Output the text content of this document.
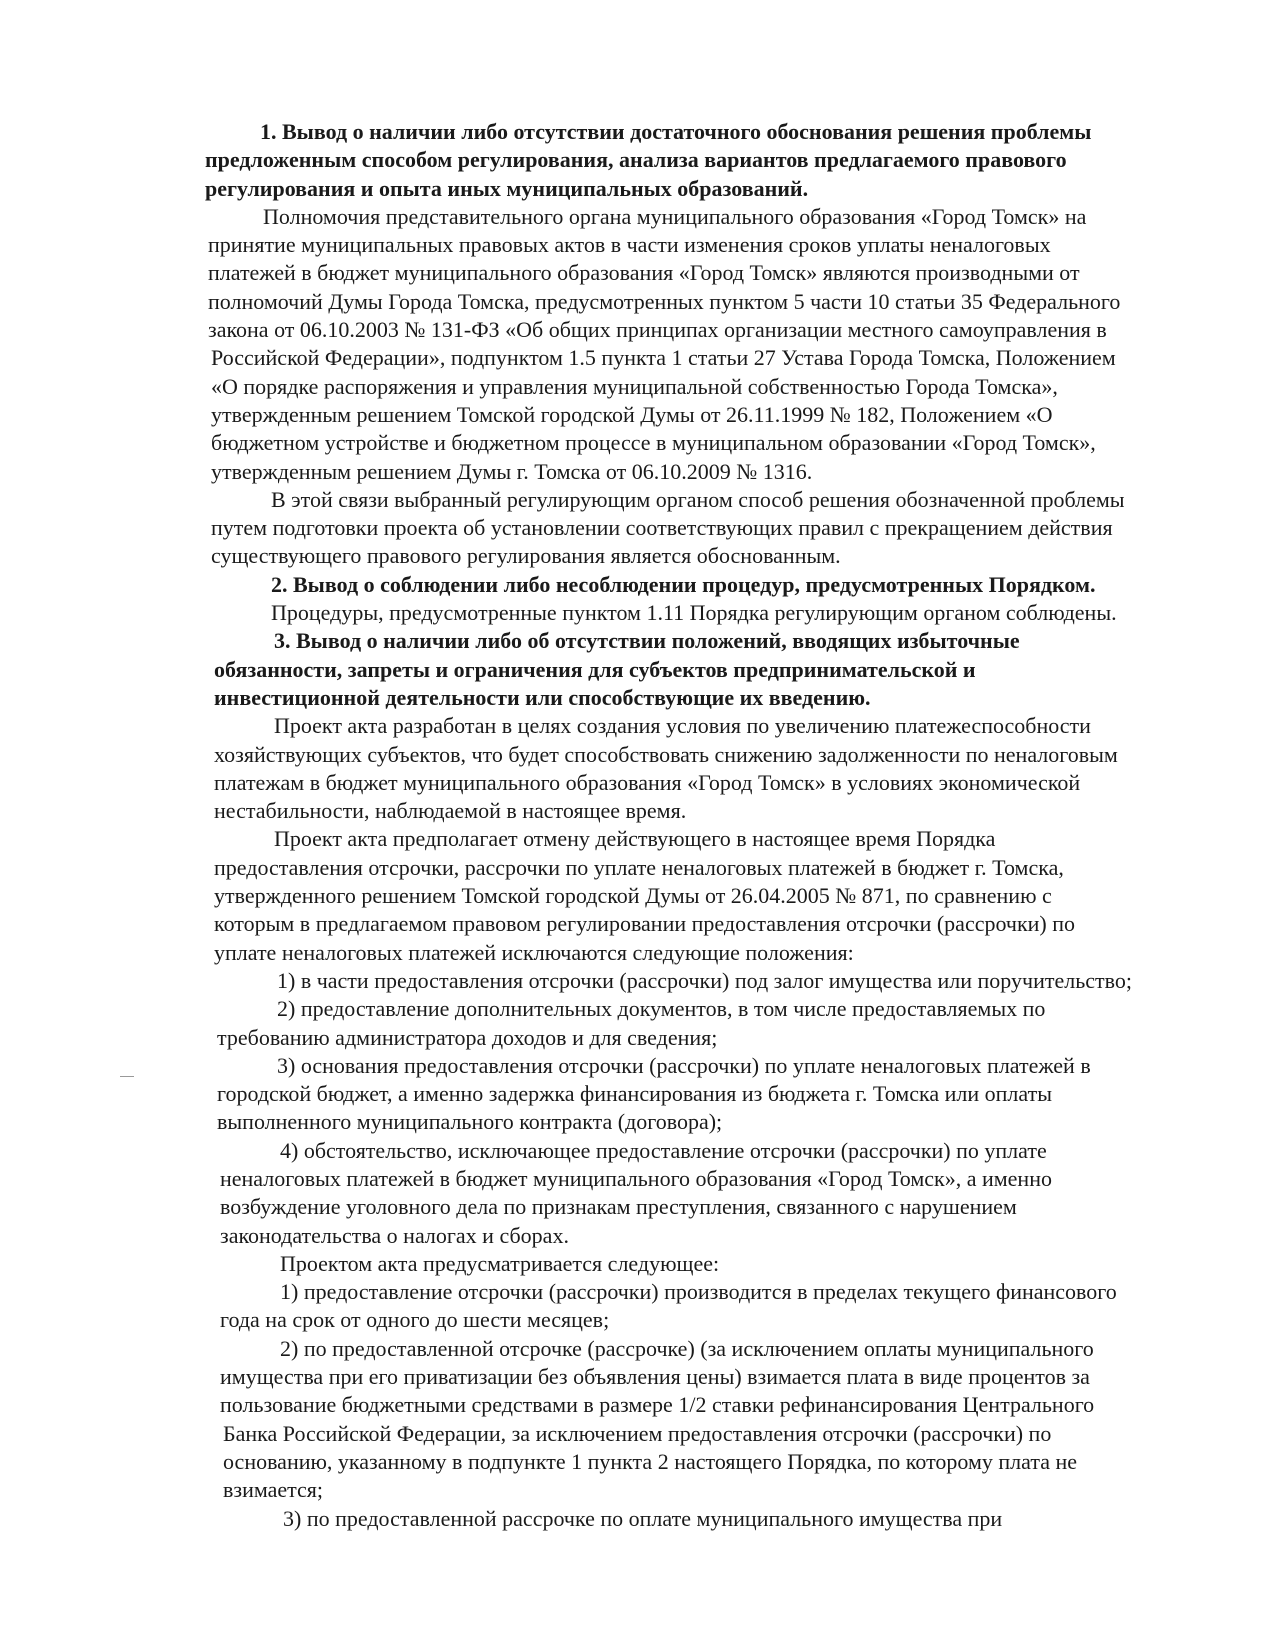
1. Вывод о наличии либо отсутствии достаточного обоснования решения проблемы
предложенным способом регулирования, анализа вариантов предлагаемого правового
регулирования и опыта иных муниципальных образований.
Полномочия представительного органа муниципального образования «Город Томск» на
принятие муниципальных правовых актов в части изменения сроков уплаты неналоговых
платежей в бюджет муниципального образования «Город Томск» являются производными от
полномочий Думы Города Томска, предусмотренных пунктом 5 части 10 статьи 35 Федерального
закона от 06.10.2003 № 131-ФЗ «Об общих принципах организации местного самоуправления в
Российской Федерации», подпунктом 1.5 пункта 1 статьи 27 Устава Города Томска, Положением
«О порядке распоряжения и управления муниципальной собственностью Города Томска»,
утвержденным решением Томской городской Думы от 26.11.1999 № 182, Положением «О
бюджетном устройстве и бюджетном процессе в муниципальном образовании «Город Томск»,
утвержденным решением Думы г. Томска от 06.10.2009 № 1316.
В этой связи выбранный регулирующим органом способ решения обозначенной проблемы
путем подготовки проекта об установлении соответствующих правил с прекращением действия
существующего правового регулирования является обоснованным.
2. Вывод о соблюдении либо несоблюдении процедур, предусмотренных Порядком.
Процедуры, предусмотренные пунктом 1.11 Порядка регулирующим органом соблюдены.
3. Вывод о наличии либо об отсутствии положений, вводящих избыточные
обязанности, запреты и ограничения для субъектов предпринимательской и
инвестиционной деятельности или способствующие их введению.
Проект акта разработан в целях создания условия по увеличению платежеспособности
хозяйствующих субъектов, что будет способствовать снижению задолженности по неналоговым
платежам в бюджет муниципального образования «Город Томск» в условиях экономической
нестабильности, наблюдаемой в настоящее время.
Проект акта предполагает отмену действующего в настоящее время Порядка
предоставления отсрочки, рассрочки по уплате неналоговых платежей в бюджет г. Томска,
утвержденного решением Томской городской Думы от 26.04.2005 № 871, по сравнению с
которым в предлагаемом правовом регулировании предоставления отсрочки (рассрочки) по
уплате неналоговых платежей исключаются следующие положения:
1) в части предоставления отсрочки (рассрочки) под залог имущества или поручительство;
2) предоставление дополнительных документов, в том числе предоставляемых по
требованию администратора доходов и для сведения;
3) основания предоставления отсрочки (рассрочки) по уплате неналоговых платежей в
городской бюджет, а именно задержка финансирования из бюджета г. Томска или оплаты
выполненного муниципального контракта (договора);
4) обстоятельство, исключающее предоставление отсрочки (рассрочки) по уплате
неналоговых платежей в бюджет муниципального образования «Город Томск», а именно
возбуждение уголовного дела по признакам преступления, связанного с нарушением
законодательства о налогах и сборах.
Проектом акта предусматривается следующее:
1) предоставление отсрочки (рассрочки) производится в пределах текущего финансового
года на срок от одного до шести месяцев;
2) по предоставленной отсрочке (рассрочке) (за исключением оплаты муниципального
имущества при его приватизации без объявления цены) взимается плата в виде процентов за
пользование бюджетными средствами в размере 1/2 ставки рефинансирования Центрального
Банка Российской Федерации, за исключением предоставления отсрочки (рассрочки) по
основанию, указанному в подпункте 1 пункта 2 настоящего Порядка, по которому плата не
взимается;
3) по предоставленной рассрочке по оплате муниципального имущества при
